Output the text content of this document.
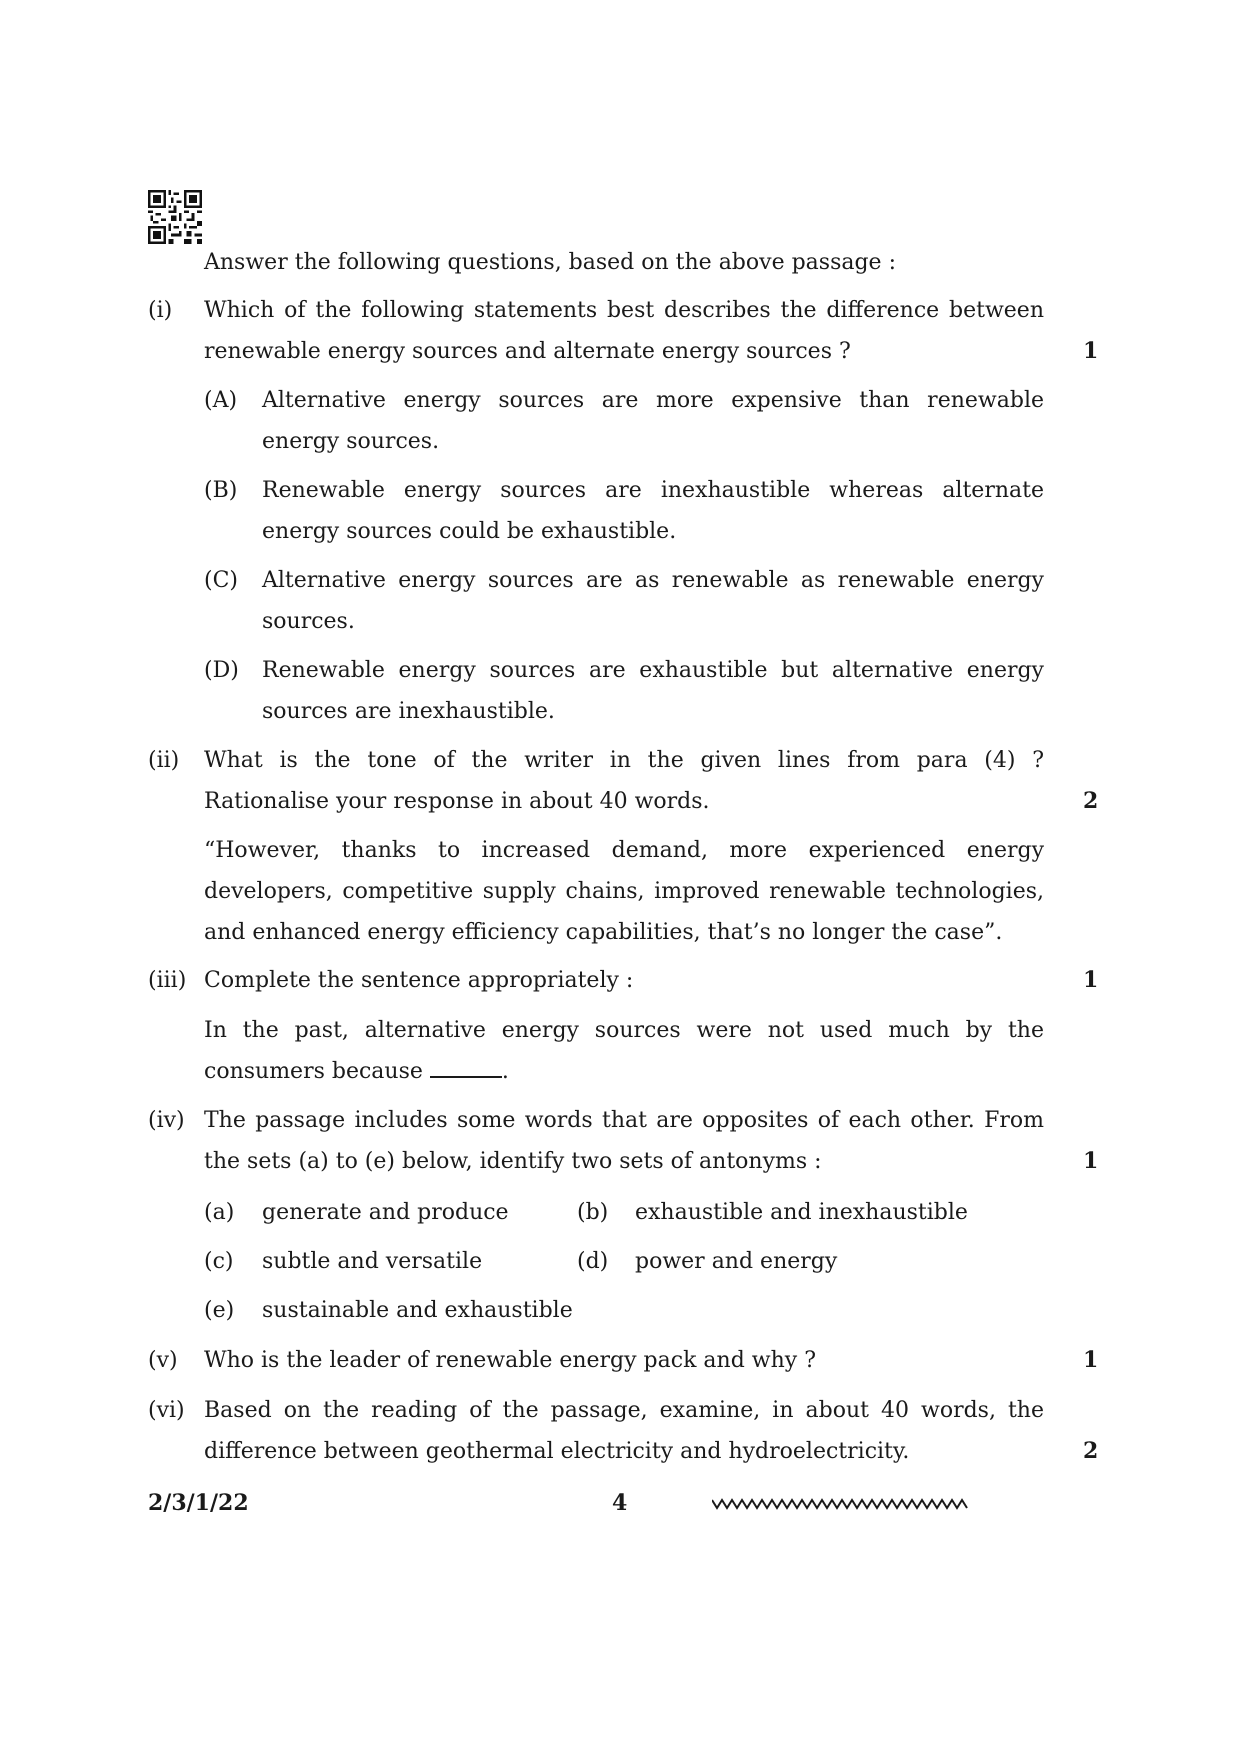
Answer the following questions, based on the above passage :
(i) Which of the following statements best describes the difference between
renewable energy sources and alternate energy sources ?	1
(A) Alternative energy sources are more expensive than renewable
energy sources.
(B) Renewable energy sources are inexhaustible whereas alternate
energy sources could be exhaustible.
(C) Alternative energy sources are as renewable as renewable energy
sources.
(D) Renewable energy sources are exhaustible but alternative energy
sources are inexhaustible.
(ii) What is the tone of the writer in the given lines from para (4) ?
Rationalise your response in about 40 words.	2
“However, thanks to increased demand, more experienced energy
developers, competitive supply chains, improved renewable technologies,
and enhanced energy efficiency capabilities, that’s no longer the case”.
(iii) Complete the sentence appropriately :	1
In the past, alternative energy sources were not used much by the
consumers because	.
(iv) The passage includes some words that are opposites of each other. From
the sets (a) to (e) below, identify two sets of antonyms :	1
(a) generate and produce	(b) exhaustible and inexhaustible
(c) subtle and versatile	(d) power and energy
(e) sustainable and exhaustible
(v) Who is the leader of renewable energy pack and why ?	1
(vi) Based on the reading of the passage, examine, in about 40 words, the
difference between geothermal electricity and hydroelectricity.	2
2/3/1/22	4
